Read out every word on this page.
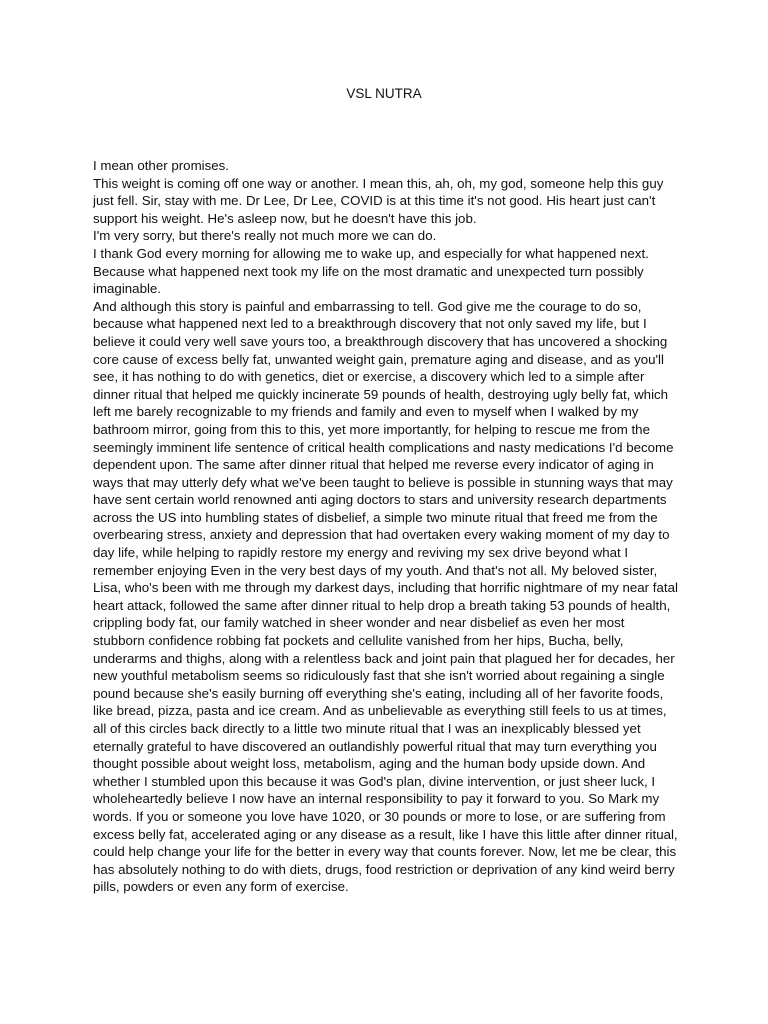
VSL NUTRA

I mean other promises.

This weight is coming off one way or another. I mean this, ah, oh, my god, someone help this guy just fell. Sir, stay with me. Dr Lee, Dr Lee, COVID is at this time it's not good. His heart just can't support his weight. He's asleep now, but he doesn't have this job.

I'm very sorry, but there's really not much more we can do.

I thank God every morning for allowing me to wake up, and especially for what happened next. Because what happened next took my life on the most dramatic and unexpected turn possibly imaginable.

And although this story is painful and embarrassing to tell. God give me the courage to do so, because what happened next led to a breakthrough discovery that not only saved my life, but I believe it could very well save yours too, a breakthrough discovery that has uncovered a shocking core cause of excess belly fat, unwanted weight gain, premature aging and disease, and as you'll see, it has nothing to do with genetics, diet or exercise, a discovery which led to a simple after dinner ritual that helped me quickly incinerate 59 pounds of health, destroying ugly belly fat, which left me barely recognizable to my friends and family and even to myself when I walked by my bathroom mirror, going from this to this, yet more importantly, for helping to rescue me from the seemingly imminent life sentence of critical health complications and nasty medications I'd become dependent upon. The same after dinner ritual that helped me reverse every indicator of aging in ways that may utterly defy what we've been taught to believe is possible in stunning ways that may have sent certain world renowned anti aging doctors to stars and university research departments across the US into humbling states of disbelief, a simple two minute ritual that freed me from the overbearing stress, anxiety and depression that had overtaken every waking moment of my day to day life, while helping to rapidly restore my energy and reviving my sex drive beyond what I remember enjoying Even in the very best days of my youth. And that's not all. My beloved sister, Lisa, who's been with me through my darkest days, including that horrific nightmare of my near fatal heart attack, followed the same after dinner ritual to help drop a breath taking 53 pounds of health, crippling body fat, our family watched in sheer wonder and near disbelief as even her most stubborn confidence robbing fat pockets and cellulite vanished from her hips, Bucha, belly, underarms and thighs, along with a relentless back and joint pain that plagued her for decades, her new youthful metabolism seems so ridiculously fast that she isn't worried about regaining a single pound because she's easily burning off everything she's eating, including all of her favorite foods, like bread, pizza, pasta and ice cream. And as unbelievable as everything still feels to us at times, all of this circles back directly to a little two minute ritual that I was an inexplicably blessed yet eternally grateful to have discovered an outlandishly powerful ritual that may turn everything you thought possible about weight loss, metabolism, aging and the human body upside down. And whether I stumbled upon this because it was God's plan, divine intervention, or just sheer luck, I wholeheartedly believe I now have an internal responsibility to pay it forward to you. So Mark my words. If you or someone you love have 1020, or 30 pounds or more to lose, or are suffering from excess belly fat, accelerated aging or any disease as a result, like I have this little after dinner ritual, could help change your life for the better in every way that counts forever. Now, let me be clear, this has absolutely nothing to do with diets, drugs, food restriction or deprivation of any kind weird berry pills, powders or even any form of exercise.
